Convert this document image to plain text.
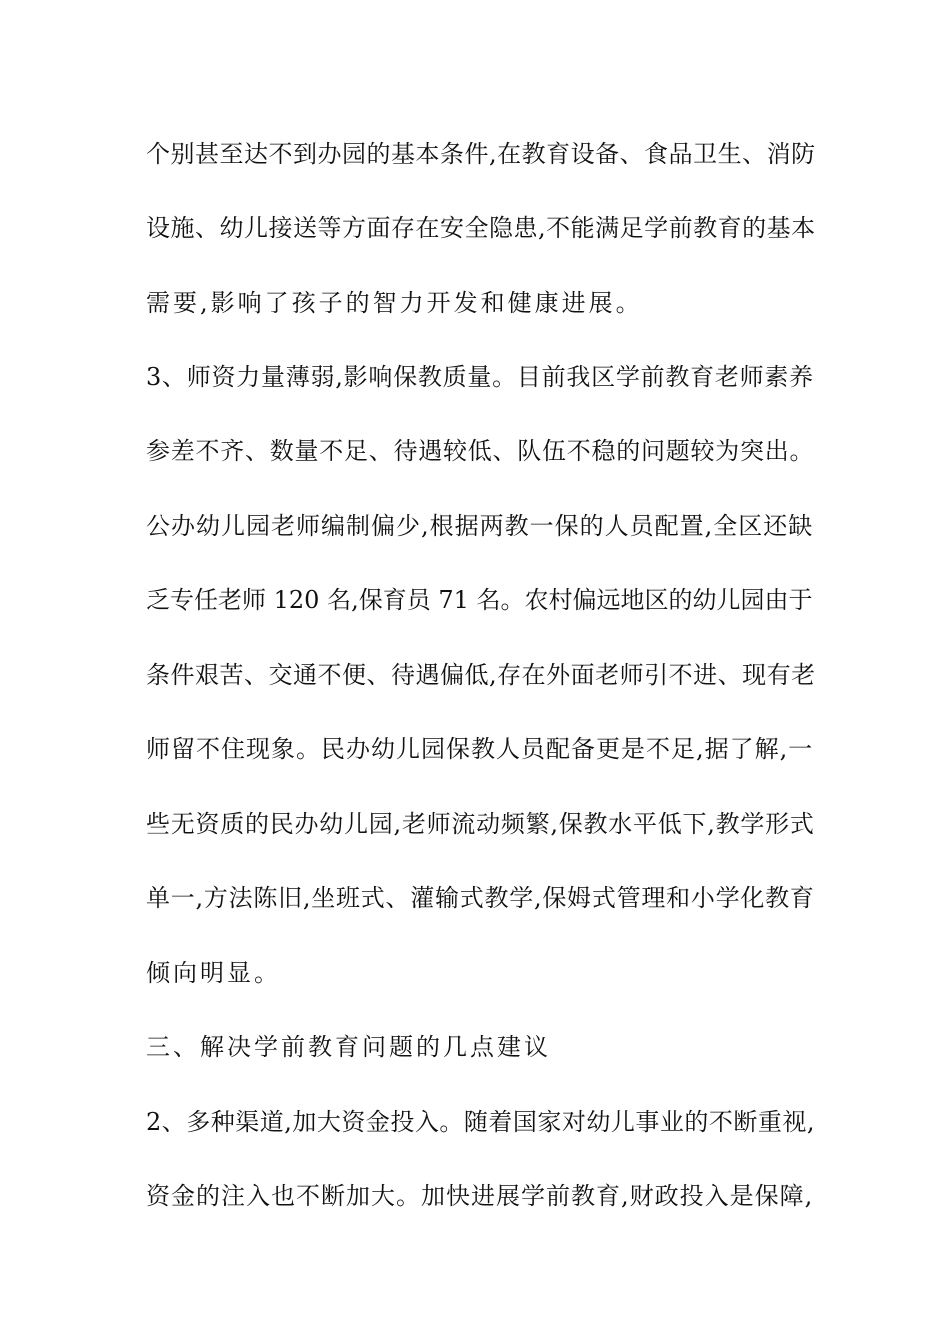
个别甚至达不到办园的基本条件,在教育设备、食品卫生、消防
设施、幼儿接送等方面存在安全隐患,不能满足学前教育的基本
需要,影响了孩子的智力开发和健康进展。
3、师资力量薄弱,影响保教质量。目前我区学前教育老师素养
参差不齐、数量不足、待遇较低、队伍不稳的问题较为突出。
公办幼儿园老师编制偏少,根据两教一保的人员配置,全区还缺
乏专任老师 120 名,保育员 71 名。农村偏远地区的幼儿园由于
条件艰苦、交通不便、待遇偏低,存在外面老师引不进、现有老
师留不住现象。民办幼儿园保教人员配备更是不足,据了解,一
些无资质的民办幼儿园,老师流动频繁,保教水平低下,教学形式
单一,方法陈旧,坐班式、灌输式教学,保姆式管理和小学化教育
倾向明显。
三、解决学前教育问题的几点建议
2、多种渠道,加大资金投入。随着国家对幼儿事业的不断重视,
资金的注入也不断加大。加快进展学前教育,财政投入是保障,
